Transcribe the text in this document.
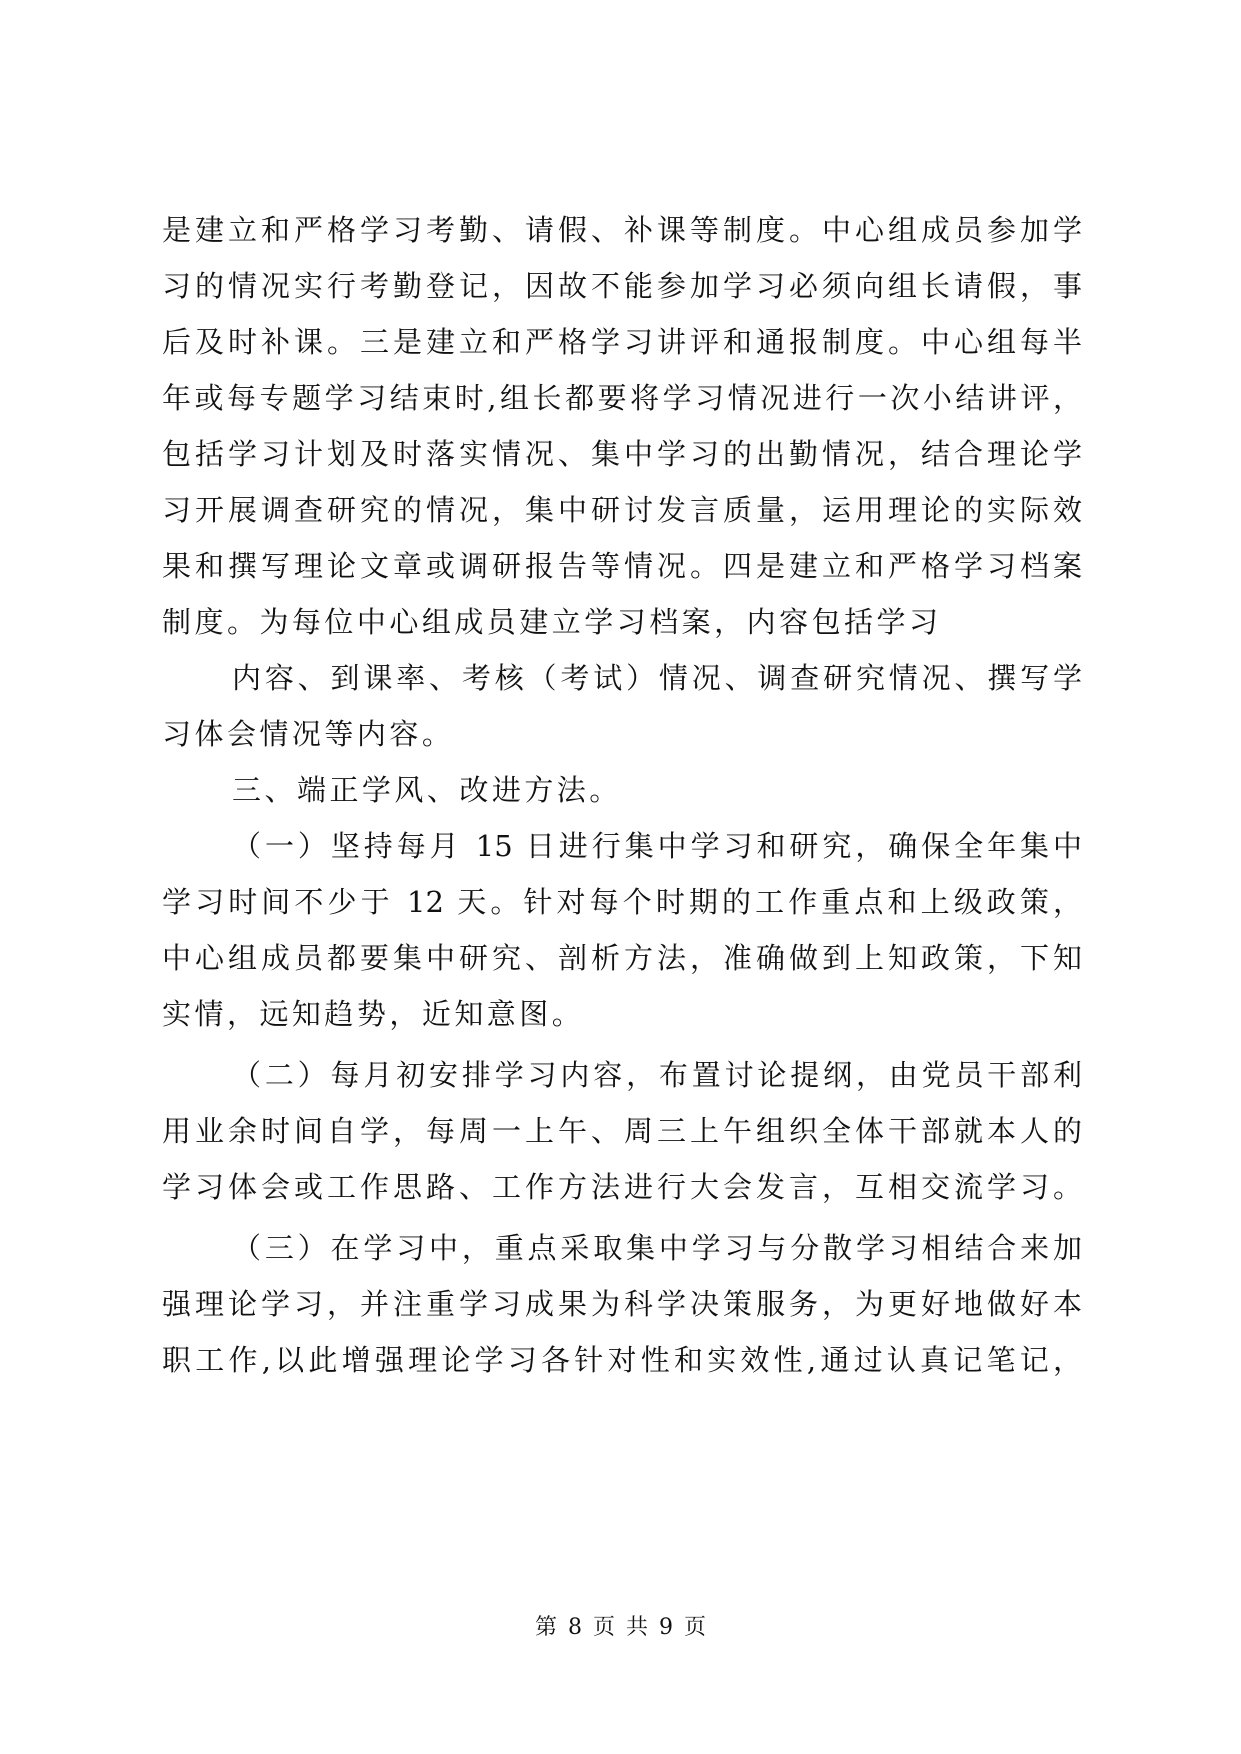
是建立和严格学习考勤、请假、补课等制度。中心组成员参加学
习的情况实行考勤登记，因故不能参加学习必须向组长请假，事
后及时补课。三是建立和严格学习讲评和通报制度。中心组每半
年或每专题学习结束时,组长都要将学习情况进行一次小结讲评，
包括学习计划及时落实情况、集中学习的出勤情况，结合理论学
习开展调查研究的情况，集中研讨发言质量，运用理论的实际效
果和撰写理论文章或调研报告等情况。四是建立和严格学习档案
制度。为每位中心组成员建立学习档案，内容包括学习
内容、到课率、考核（考试）情况、调查研究情况、撰写学
习体会情况等内容。
三、端正学风、改进方法。
（一）坚持每月 15 日进行集中学习和研究，确保全年集中
学习时间不少于 12 天。针对每个时期的工作重点和上级政策，
中心组成员都要集中研究、剖析方法，准确做到上知政策，下知
实情，远知趋势，近知意图。
（二）每月初安排学习内容，布置讨论提纲，由党员干部利
用业余时间自学，每周一上午、周三上午组织全体干部就本人的
学习体会或工作思路、工作方法进行大会发言，互相交流学习。
（三）在学习中，重点采取集中学习与分散学习相结合来加
强理论学习，并注重学习成果为科学决策服务，为更好地做好本
职工作,以此增强理论学习各针对性和实效性,通过认真记笔记，
第 8 页 共 9 页
